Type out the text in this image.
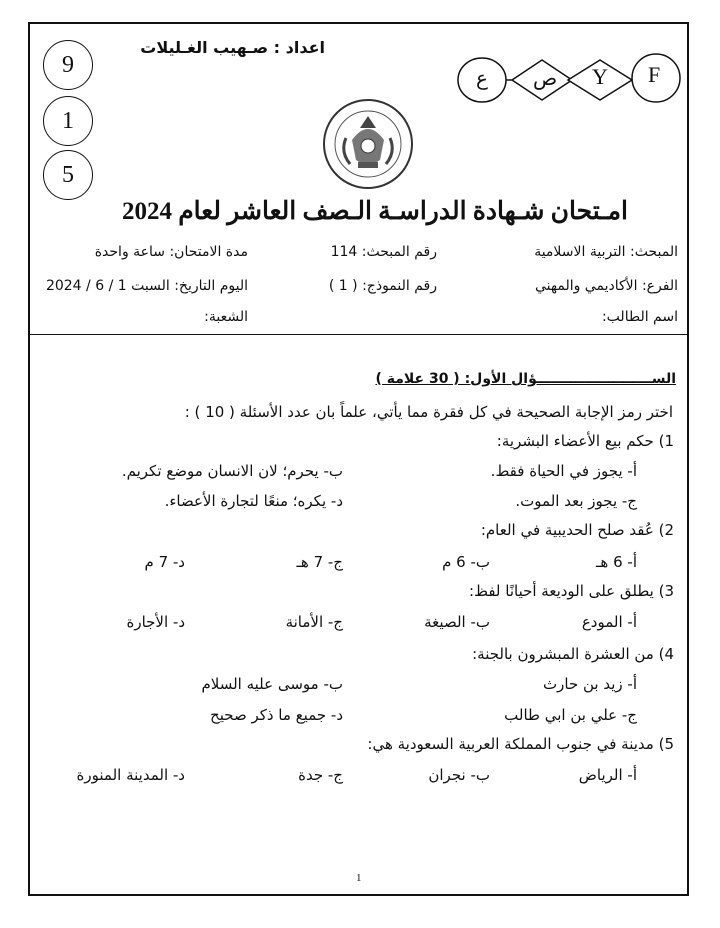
9
1
5
اعداد : صـهيب الغـليلات
ع ص Y F
امـتحان شـهادة الدراسـة الـصف العاشر لعام 2024
المبحث: التربية الاسلامية
رقم المبحث: 114
مدة الامتحان: ساعة واحدة
الفرع: الأكاديمي والمهني
رقم النموذج: ( 1 )
اليوم التاريخ: السبت 1 / 6 / 2024
اسم الطالب:
الشعبة:
الســــــــــــــــــــــــؤال الأول: ( 30 علامة )
اختر رمز الإجابة الصحيحة في كل فقرة مما يأتي، علماً بان عدد الأسئلة ( 10 ) :
1) حكم بيع الأعضاء البشرية:
أ- يجوز في الحياة فقط.
ب- يحرم؛ لان الانسان موضع تكريم.
ج- يجوز بعد الموت.
د- يكره؛ منعًا لتجارة الأعضاء.
2) عُقد صلح الحديبية في العام:
أ- 6 هـ
ب- 6 م
ج- 7 هـ
د- 7 م
3) يطلق على الوديعة أحيانًا لفظ:
أ- المودع
ب- الصيغة
ج- الأمانة
د- الأجارة
4) من العشرة المبشرون بالجنة:
أ- زيد بن حارث
ب- موسى عليه السلام
ج- علي بن ابي طالب
د- جميع ما ذكر صحيح
5) مدينة في جنوب المملكة العربية السعودية هي:
أ- الرياض
ب- نجران
ج- جدة
د- المدينة المنورة
1
